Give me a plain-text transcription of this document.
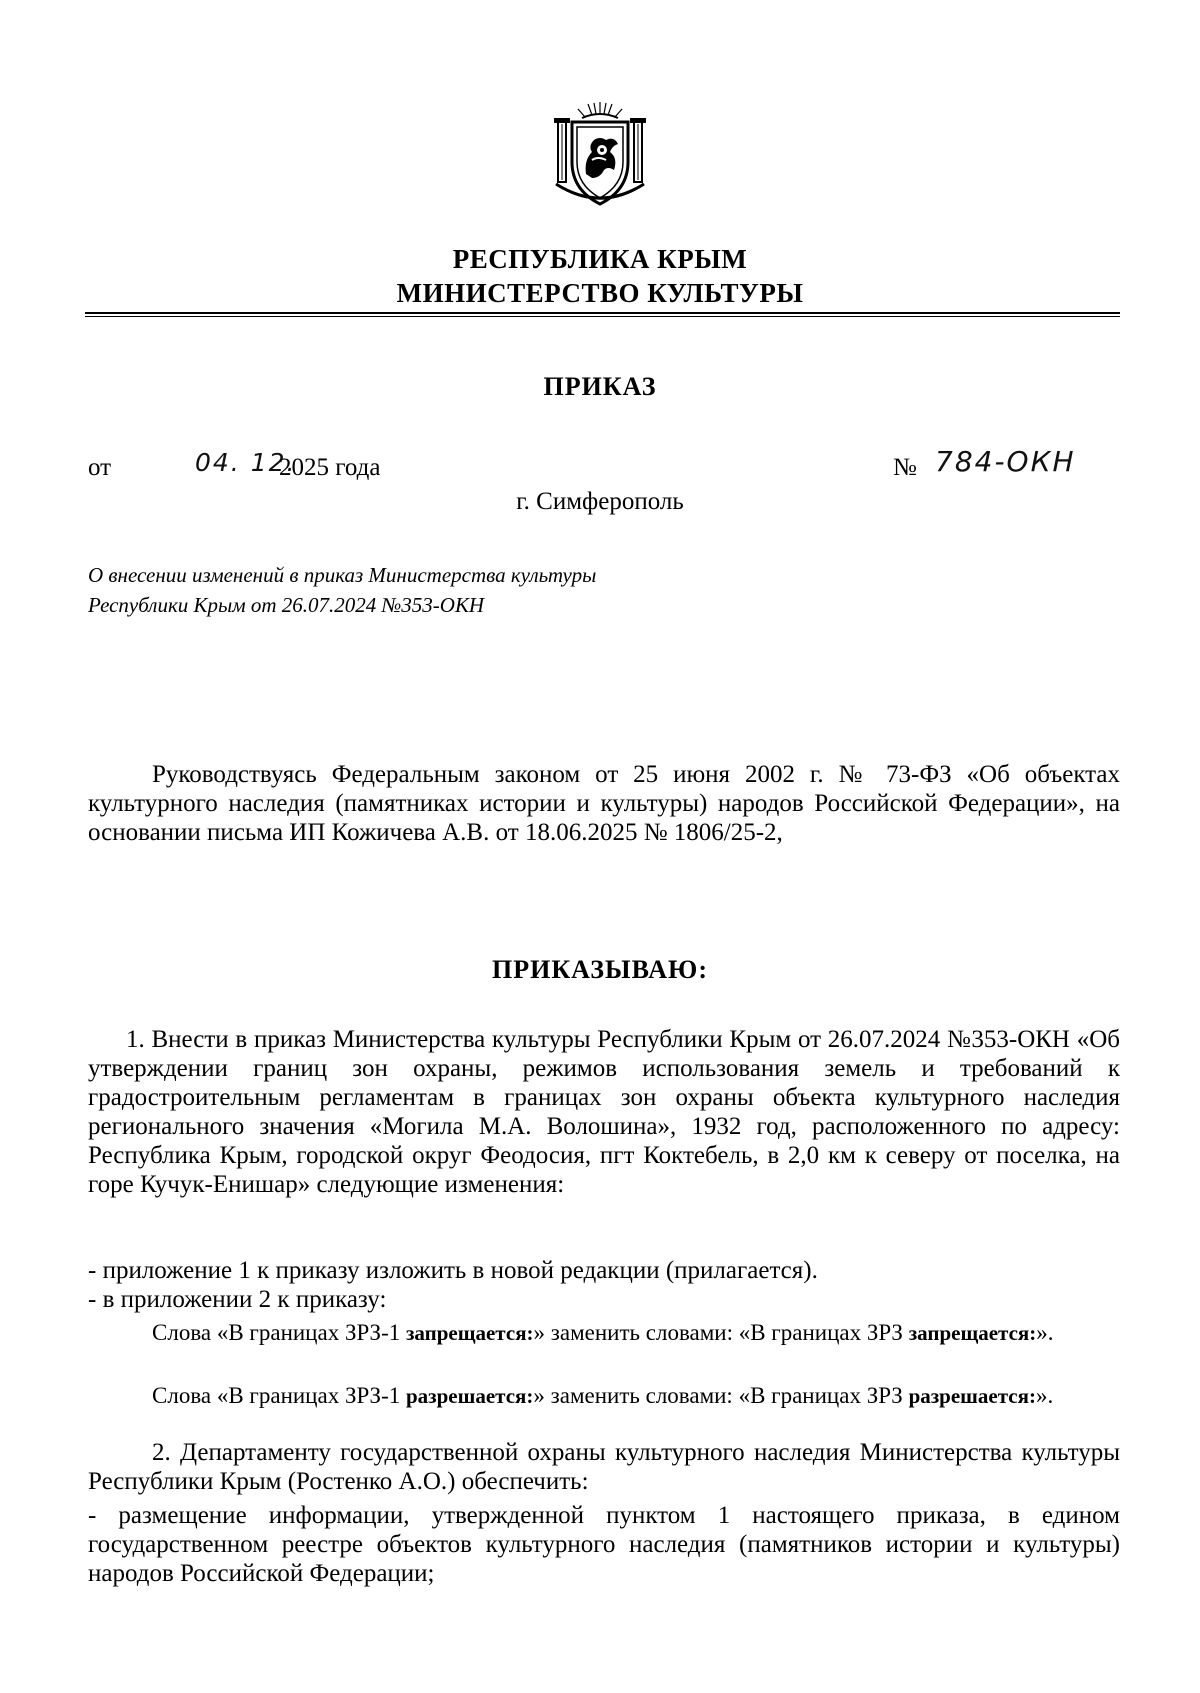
РЕСПУБЛИКА КРЫМ
МИНИСТЕРСТВО КУЛЬТУРЫ
ПРИКАЗ
от	04. 12.
2025 года	№ 784-ОКН
г. Симферополь
О внесении изменений в приказ Министерства культуры
Республики Крым от 26.07.2024 №353-ОКН
Руководствуясь Федеральным законом от 25 июня 2002 г. № 73-ФЗ «Об объектах культурного наследия (памятниках истории и культуры) народов Российской Федерации», на основании письма ИП Кожичева А.В. от 18.06.2025 № 1806/25-2,
ПРИКАЗЫВАЮ:
1. Внести в приказ Министерства культуры Республики Крым от 26.07.2024 №353-ОКН «Об утверждении границ зон охраны, режимов использования земель и требований к градостроительным регламентам в границах зон охраны объекта культурного наследия регионального значения «Могила М.А. Волошина», 1932 год, расположенного по адресу: Республика Крым, городской округ Феодосия, пгт Коктебель, в 2,0 км к северу от поселка, на горе Кучук-Енишар» следующие изменения:
- приложение 1 к приказу изложить в новой редакции (прилагается).
- в приложении 2 к приказу:
Слова «В границах ЗРЗ-1 запрещается:» заменить словами: «В границах ЗРЗ запрещается:».
Слова «В границах ЗРЗ-1 разрешается:» заменить словами: «В границах ЗРЗ разрешается:».
2. Департаменту государственной охраны культурного наследия Министерства культуры Республики Крым (Ростенко А.О.) обеспечить:
- размещение информации, утвержденной пунктом 1 настоящего приказа, в едином государственном реестре объектов культурного наследия (памятников истории и культуры) народов Российской Федерации;
